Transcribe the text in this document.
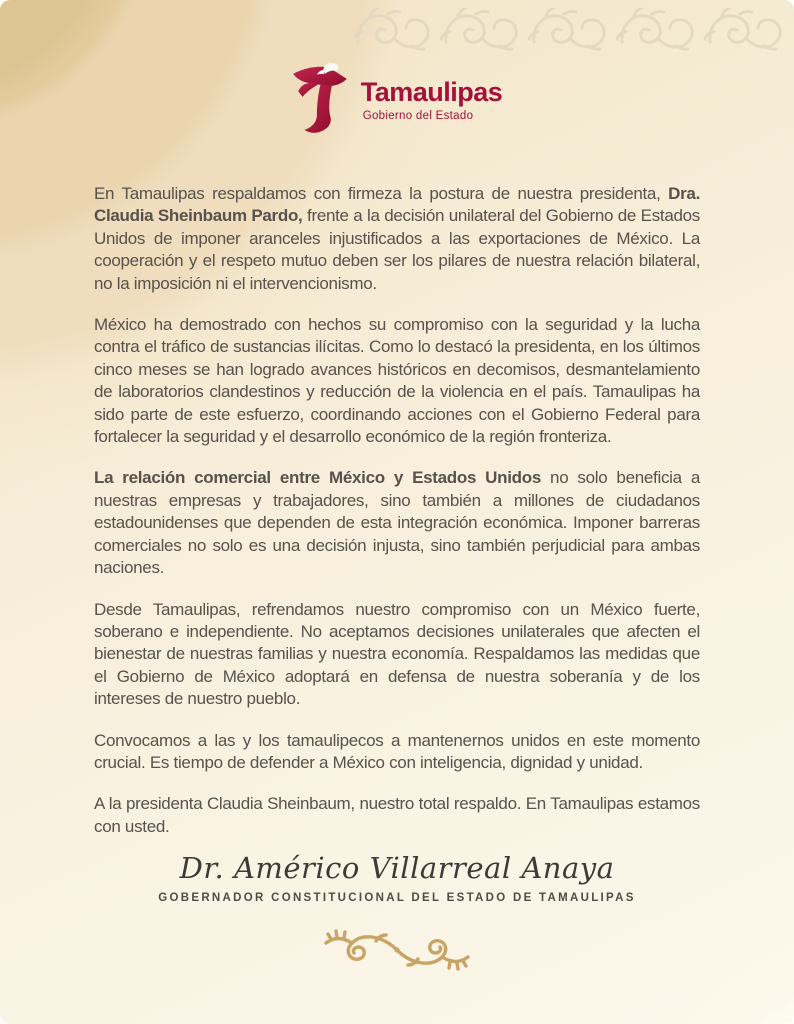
Tamaulipas
Gobierno del Estado

En Tamaulipas respaldamos con firmeza la postura de nuestra presidenta, Dra. Claudia Sheinbaum Pardo, frente a la decisión unilateral del Gobierno de Estados Unidos de imponer aranceles injustificados a las exportaciones de México. La cooperación y el respeto mutuo deben ser los pilares de nuestra relación bilateral, no la imposición ni el intervencionismo.

México ha demostrado con hechos su compromiso con la seguridad y la lucha contra el tráfico de sustancias ilícitas. Como lo destacó la presidenta, en los últimos cinco meses se han logrado avances históricos en decomisos, desmantelamiento de laboratorios clandestinos y reducción de la violencia en el país. Tamaulipas ha sido parte de este esfuerzo, coordinando acciones con el Gobierno Federal para fortalecer la seguridad y el desarrollo económico de la región fronteriza.

La relación comercial entre México y Estados Unidos no solo beneficia a nuestras empresas y trabajadores, sino también a millones de ciudadanos estadounidenses que dependen de esta integración económica. Imponer barreras comerciales no solo es una decisión injusta, sino también perjudicial para ambas naciones.

Desde Tamaulipas, refrendamos nuestro compromiso con un México fuerte, soberano e independiente. No aceptamos decisiones unilaterales que afecten el bienestar de nuestras familias y nuestra economía. Respaldamos las medidas que el Gobierno de México adoptará en defensa de nuestra soberanía y de los intereses de nuestro pueblo.

Convocamos a las y los tamaulipecos a mantenernos unidos en este momento crucial. Es tiempo de defender a México con inteligencia, dignidad y unidad.

A la presidenta Claudia Sheinbaum, nuestro total respaldo. En Tamaulipas estamos con usted.

Dr. Américo Villarreal Anaya
GOBERNADOR CONSTITUCIONAL DEL ESTADO DE TAMAULIPAS
